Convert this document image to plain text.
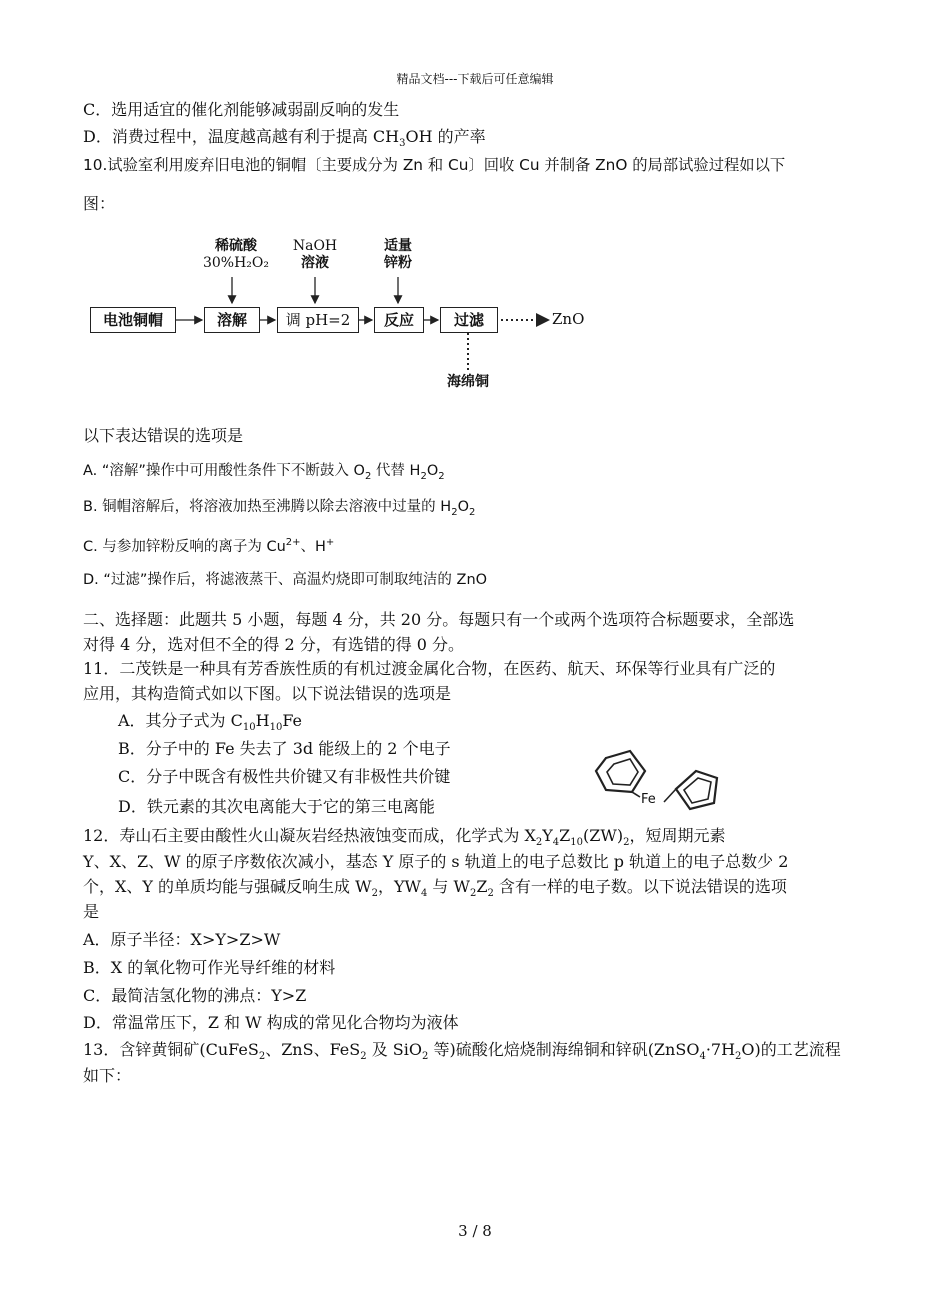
精品文档---下载后可任意编辑
C．选用适宜的催化剂能够减弱副反响的发生
D．消费过程中，温度越高越有利于提高 $CH_3OH$ 的产率
10.试验室利用废弃旧电池的铜帽〔主要成分为 Zn 和 Cu〕回收 Cu 并制备 ZnO 的局部试验过程如以下
图：
稀硫酸
30%H₂O₂
NaOH
溶液
适量
锌粉
电池铜帽	溶解	调 pH=2	反应	过滤	ZnO
海绵铜
以下表达错误的选项是
A. “溶解”操作中可用酸性条件下不断鼓入 $O_2$ 代替 $H_2O_2$
B. 铜帽溶解后，将溶液加热至沸腾以除去溶液中过量的 $H_2O_2$
C. 与参加锌粉反响的离子为 $Cu^{2+}$、H+
D. “过滤”操作后，将滤液蒸干、高温灼烧即可制取纯洁的 ZnO
二、选择题：此题共 5 小题，每题 4 分，共 20 分。每题只有一个或两个选项符合标题要求，全部选
对得 4 分，选对但不全的得 2 分，有选错的得 0 分。
11．二茂铁是一种具有芳香族性质的有机过渡金属化合物，在医药、航天、环保等行业具有广泛的
应用，其构造简式如以下图。以下说法错误的选项是
A．其分子式为 $C_{10}H_{10}Fe$
B．分子中的 Fe 失去了 3d 能级上的 2 个电子
C．分子中既含有极性共价键又有非极性共价键
D．铁元素的其次电离能大于它的第三电离能	Fe
12．寿山石主要由酸性火山凝灰岩经热液蚀变而成，化学式为 $X_2Y_4Z_{10}(ZW)_2$，短周期元素
Y、X、Z、W 的原子序数依次减小，基态 Y 原子的 s 轨道上的电子总数比 p 轨道上的电子总数少 2
个，X、Y 的单质均能与强碱反响生成 $W_2$，$YW_4$ 与 $W_2Z_2$ 含有一样的电子数。以下说法错误的选项
是
A．原子半径：X>Y>Z>W
B．X 的氧化物可作光导纤维的材料
C．最简洁氢化物的沸点：Y>Z
D．常温常压下，Z 和 W 构成的常见化合物均为液体
13．含锌黄铜矿(CuFeS$_2$、ZnS、FeS$_2$ 及 SiO$_2$ 等)硫酸化焙烧制海绵铜和锌矾$(ZnSO_4\cdot 7H_2O)$的工艺流程
如下：
3 / 8
